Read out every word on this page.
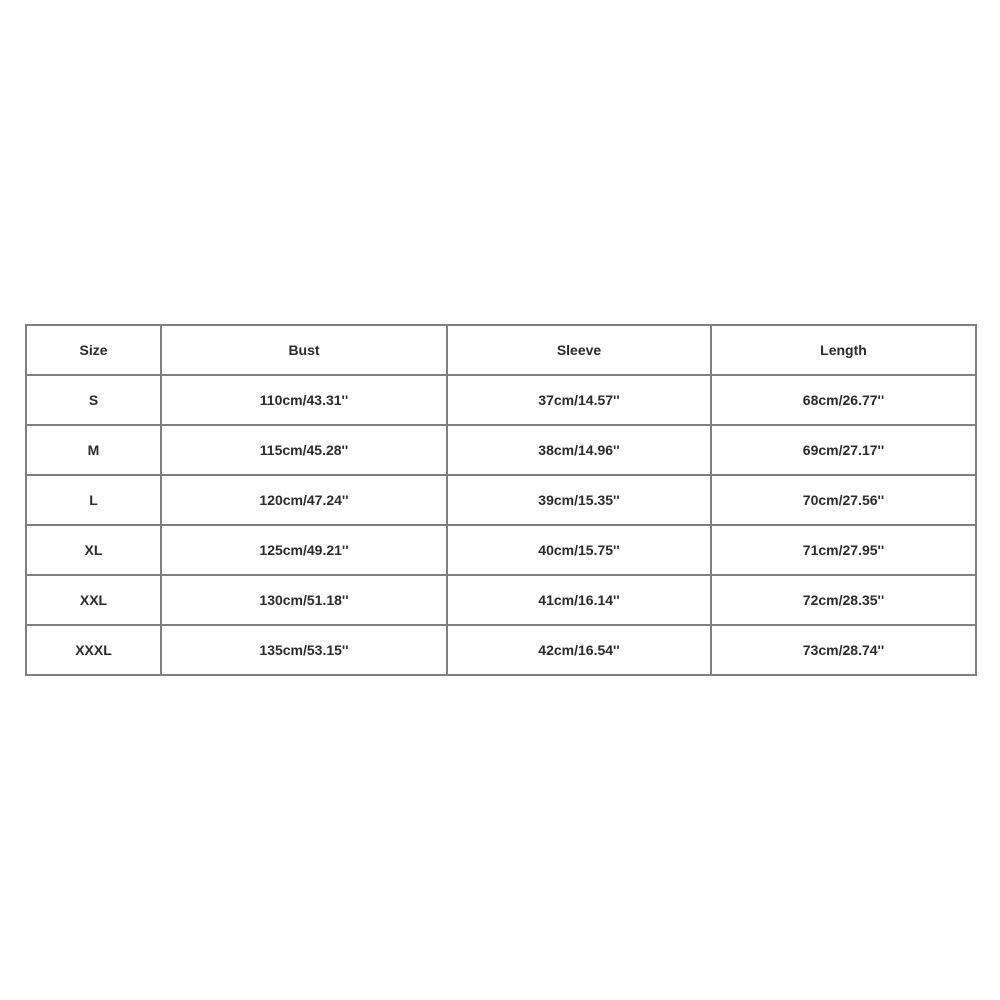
Size	Bust	Sleeve	Length
S	110cm/43.31''	37cm/14.57''	68cm/26.77''
M	115cm/45.28''	38cm/14.96''	69cm/27.17''
L	120cm/47.24''	39cm/15.35''	70cm/27.56''
XL	125cm/49.21''	40cm/15.75''	71cm/27.95''
XXL	130cm/51.18''	41cm/16.14''	72cm/28.35''
XXXL	135cm/53.15''	42cm/16.54''	73cm/28.74''
